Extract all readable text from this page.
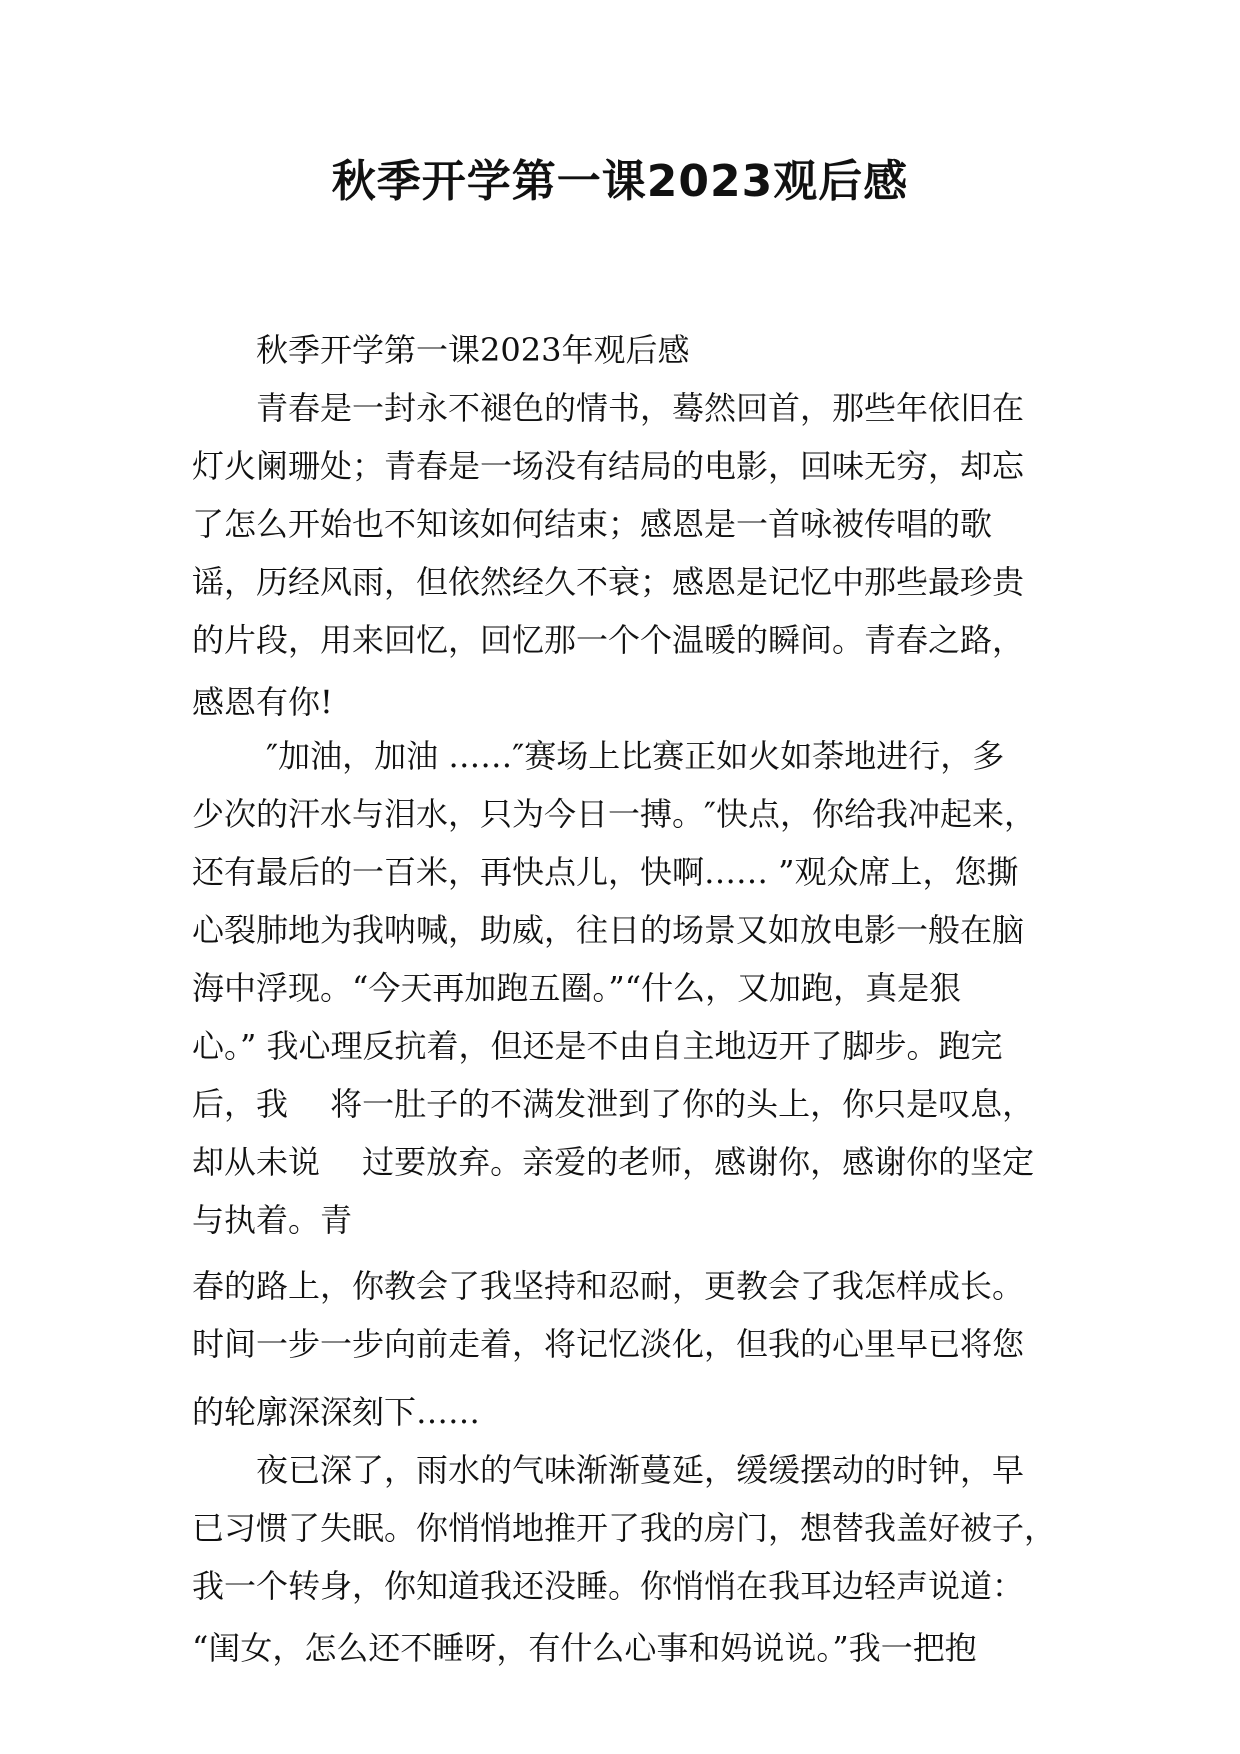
秋季开学第一课2023观后感
　　秋季开学第一课2023年观后感
　　青春是一封永不褪色的情书，蓦然回首，那些年依旧在
灯火阑珊处；青春是一场没有结局的电影，回味无穷，却忘
了怎么开始也不知该如何结束；感恩是一首咏被传唱的歌
谣，历经风雨，但依然经久不衰；感恩是记忆中那些最珍贵
的片段，用来回忆，回忆那一个个温暖的瞬间。青春之路，
感恩有你!
　　 ″加油，加油 ……″赛场上比赛正如火如荼地进行，多
少次的汗水与泪水，只为今日一搏。″快点，你给我冲起来，
还有最后的一百米，再快点儿，快啊…… ”观众席上，您撕
心裂肺地为我呐喊，助威，往日的场景又如放电影一般在脑
海中浮现。“今天再加跑五圈。”“什么，又加跑，真是狠
心。” 我心理反抗着，但还是不由自主地迈开了脚步。跑完
后，我　 将一肚子的不满发泄到了你的头上，你只是叹息，
却从未说　 过要放弃。亲爱的老师，感谢你，感谢你的坚定
与执着。青
春的路上，你教会了我坚持和忍耐，更教会了我怎样成长。
时间一步一步向前走着，将记忆淡化，但我的心里早已将您
的轮廓深深刻下……
　　夜已深了，雨水的气味渐渐蔓延，缓缓摆动的时钟，早
已习惯了失眠。你悄悄地推开了我的房门，想替我盖好被子，
我一个转身，你知道我还没睡。你悄悄在我耳边轻声说道：
“闺女，怎么还不睡呀，有什么心事和妈说说。”我一把抱
